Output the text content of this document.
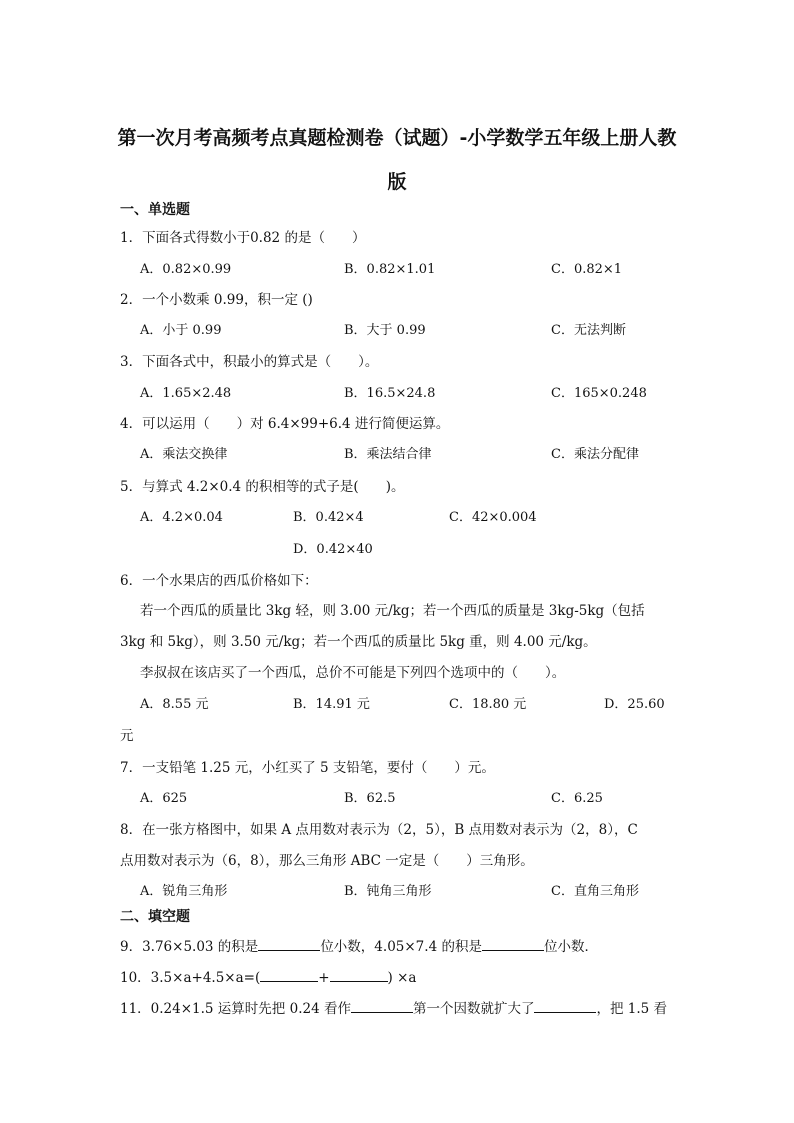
第一次月考高频考点真题检测卷（试题）-小学数学五年级上册人教
版
一、单选题
1．下面各式得数小于0.82 的是（　　）
A．0.82×0.99	B．0.82×1.01	C．0.82×1
2．一个小数乘 0.99，积一定 ()
A．小于 0.99	B．大于 0.99	C．无法判断
3．下面各式中，积最小的算式是（　　）。
A．1.65×2.48	B．16.5×24.8	C．165×0.248
4．可以运用（　　）对 6.4×99+6.4 进行简便运算。
A．乘法交换律	B．乘法结合律	C．乘法分配律
5．与算式 4.2×0.4 的积相等的式子是(　　)。
A．4.2×0.04	B．0.42×4	C．42×0.004
D．0.42×40
6．一个水果店的西瓜价格如下：
若一个西瓜的质量比 3kg 轻，则 3.00 元/kg；若一个西瓜的质量是 3kg-5kg（包括
3kg 和 5kg），则 3.50 元/kg；若一个西瓜的质量比 5kg 重，则 4.00 元/kg。
李叔叔在该店买了一个西瓜，总价不可能是下列四个选项中的（　　）。
A．8.55 元	B．14.91 元	C．18.80 元	D．25.60
元
7．一支铅笔 1.25 元，小红买了 5 支铅笔，要付（　　）元。
A．625	B．62.5	C．6.25
8．在一张方格图中，如果 A 点用数对表示为（2，5），B 点用数对表示为（2，8），C
点用数对表示为（6，8），那么三角形 ABC 一定是（　　）三角形。
A．锐角三角形	B．钝角三角形	C．直角三角形
二、填空题
9．3.76×5.03 的积是	位小数，4.05×7.4 的积是	位小数．
10．3.5×a+4.5×a=(	+	) ×a
11．0.24×1.5 运算时先把 0.24 看作	第一个因数就扩大了	，把 1.5 看
